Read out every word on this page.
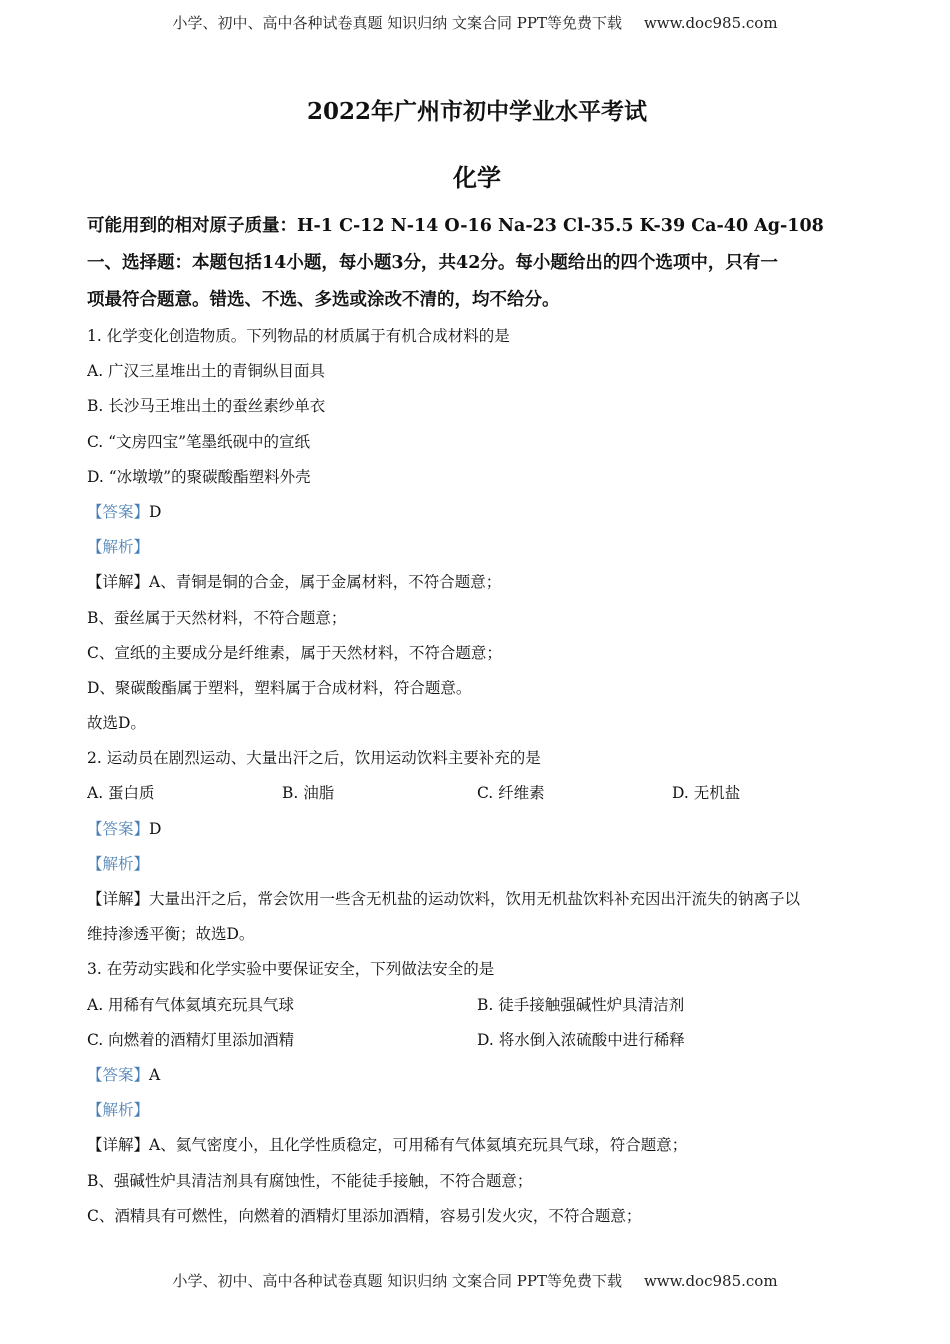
小学、初中、高中各种试卷真题 知识归纳 文案合同 PPT等免费下载 www.doc985.com
2022年广州市初中学业水平考试
化学
可能用到的相对原子质量：H-1 C-12 N-14 O-16 Na-23 Cl-35.5 K-39 Ca-40 Ag-108
一、选择题：本题包括14小题，每小题3分，共42分。每小题给出的四个选项中，只有一
项最符合题意。错选、不选、多选或涂改不清的，均不给分。
1. 化学变化创造物质。下列物品的材质属于有机合成材料的是
A. 广汉三星堆出土的青铜纵目面具
B. 长沙马王堆出土的蚕丝素纱单衣
C. “文房四宝”笔墨纸砚中的宣纸
D. “冰墩墩”的聚碳酸酯塑料外壳
【答案】D
【解析】
【详解】A、青铜是铜的合金，属于金属材料，不符合题意；
B、蚕丝属于天然材料，不符合题意；
C、宣纸的主要成分是纤维素，属于天然材料，不符合题意；
D、聚碳酸酯属于塑料，塑料属于合成材料，符合题意。
故选D。
2. 运动员在剧烈运动、大量出汗之后，饮用运动饮料主要补充的是
A. 蛋白质	B. 油脂	C. 纤维素	D. 无机盐
【答案】D
【解析】
【详解】大量出汗之后，常会饮用一些含无机盐的运动饮料，饮用无机盐饮料补充因出汗流失的钠离子以
维持渗透平衡；故选D。
3. 在劳动实践和化学实验中要保证安全，下列做法安全的是
A. 用稀有气体氦填充玩具气球	B. 徒手接触强碱性炉具清洁剂
C. 向燃着的酒精灯里添加酒精	D. 将水倒入浓硫酸中进行稀释
【答案】A
【解析】
【详解】A、氦气密度小，且化学性质稳定，可用稀有气体氦填充玩具气球，符合题意；
B、强碱性炉具清洁剂具有腐蚀性，不能徒手接触，不符合题意；
C、酒精具有可燃性，向燃着的酒精灯里添加酒精，容易引发火灾，不符合题意；
小学、初中、高中各种试卷真题 知识归纳 文案合同 PPT等免费下载 www.doc985.com
